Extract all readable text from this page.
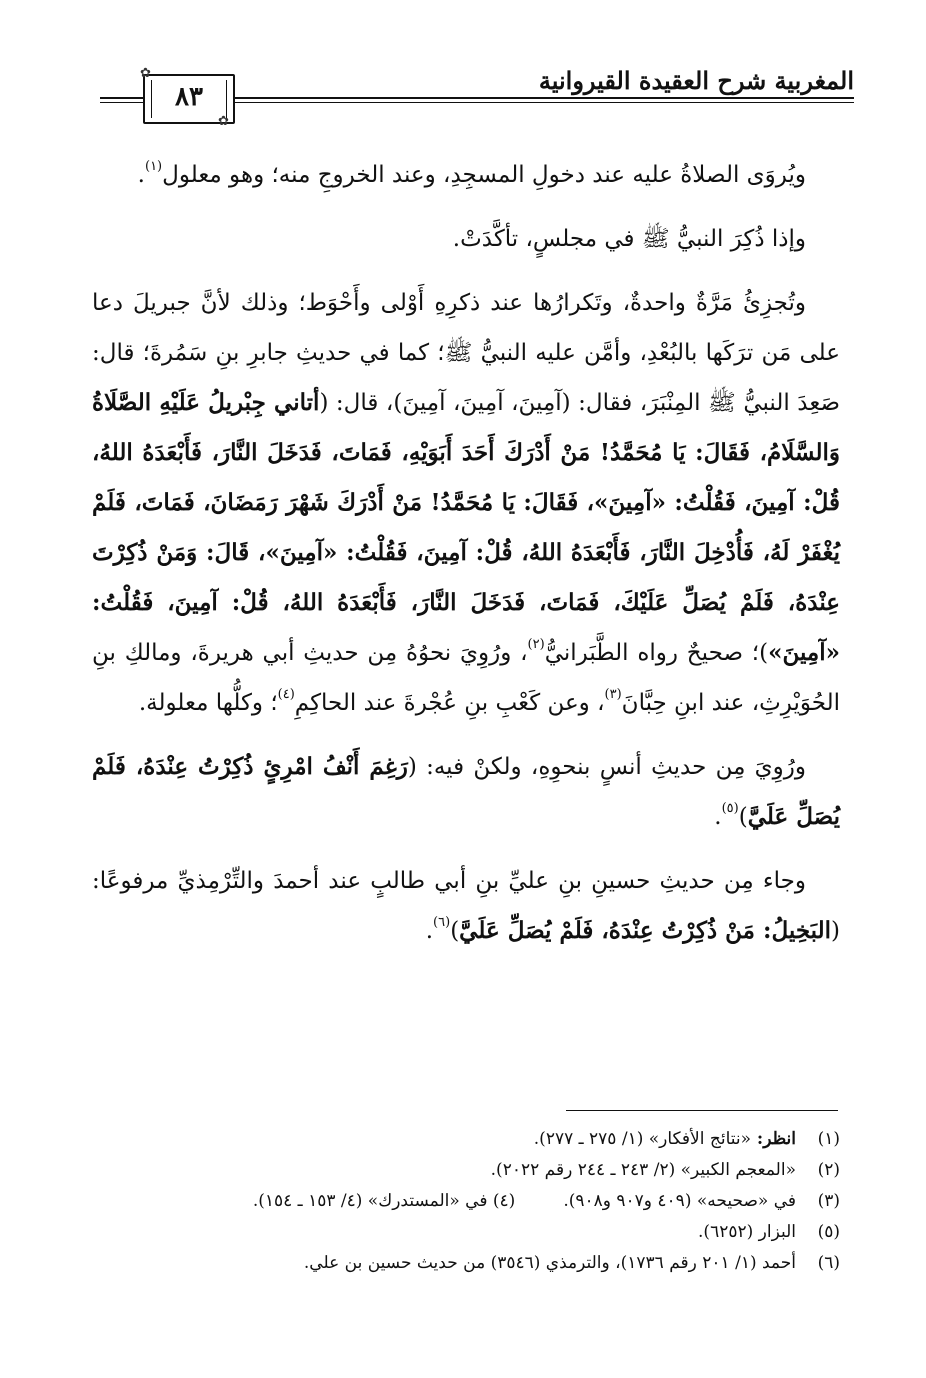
المغربية شرح العقيدة القيروانية
٨٣
✿
✿

ويُروَى الصلاةُ عليه عند دخولِ المسجِدِ، وعند الخروجِ منه؛ وهو معلول$^{(١)}$.

وإذا ذُكِرَ النبيُّ ﷺ في مجلسٍ، تأكَّدَتْ.

وتُجزِئُ مَرَّةٌ واحدةٌ، وتَكرارُها عند ذكرِهِ أَوْلى وأَحْوَط؛ وذلك لأنَّ جبريلَ دعا على مَن ترَكَها بالبُعْدِ، وأمَّن عليه النبيُّ ﷺ؛ كما في حديثِ جابرِ بنِ سَمُرةَ؛ قال: صَعِدَ النبيُّ ﷺ المِنْبَرَ، فقال: (آمِينَ، آمِينَ، آمِينَ)، قال: (أتاني جِبْريلُ عَلَيْهِ الصَّلَاةُ وَالسَّلَامُ، فَقَالَ: يَا مُحَمَّدُ! مَنْ أَدْرَكَ أَحَدَ أَبَوَيْهِ، فَمَاتَ، فَدَخَلَ النَّارَ، فَأَبْعَدَهُ اللهُ، قُلْ: آمِينَ، فَقُلْتُ: «آمِينَ»، فَقَالَ: يَا مُحَمَّدُ! مَنْ أَدْرَكَ شَهْرَ رَمَضَانَ، فَمَاتَ، فَلَمْ يُغْفَرْ لَهُ، فَأُدْخِلَ النَّارَ، فَأَبْعَدَهُ اللهُ، قُلْ: آمِينَ، فَقُلْتُ: «آمِينَ»، قَالَ: وَمَنْ ذُكِرْتَ عِنْدَهُ، فَلَمْ يُصَلِّ عَلَيْكَ، فَمَاتَ، فَدَخَلَ النَّارَ، فَأَبْعَدَهُ اللهُ، قُلْ: آمِينَ، فَقُلْتُ: «آمِينَ»)؛ صحيحٌ رواه الطَّبَرانيُّ$^{(٢)}$، ورُوِيَ نحوُهُ مِن حديثِ أبي هريرةَ، ومالكِ بنِ الحُوَيْرِثِ، عند ابنِ حِبَّانَ$^{(٣)}$، وعن كَعْبِ بنِ عُجْرةَ عند الحاكِمِ$^{(٤)}$؛ وكلُّها معلولة.

ورُوِيَ مِن حديثِ أنسٍ بنحوِهِ، ولكنْ فيه: (رَغِمَ أَنْفُ امْرِئٍ ذُكِرْتُ عِنْدَهُ، فَلَمْ يُصَلِّ عَلَيَّ)$^{(٥)}$.

وجاء مِن حديثِ حسينِ بنِ عليِّ بنِ أبي طالبٍ عند أحمدَ والتِّرْمِذيِّ مرفوعًا: (البَخِيلُ: مَنْ ذُكِرْتُ عِنْدَهُ، فَلَمْ يُصَلِّ عَلَيَّ)$^{(٦)}$.

(١)
انظر: «نتائج الأفكار» (١/ ٢٧٥ ـ ٢٧٧).
(٢)
«المعجم الكبير» (٢/ ٢٤٣ ـ ٢٤٤ رقم ٢٠٢٢).
(٣)
في «صحيحه» (٤٠٩ و٩٠٧ و٩٠٨).
(٤) في «المستدرك» (٤/ ١٥٣ ـ ١٥٤).
(٥)
البزار (٦٢٥٢).
(٦)
أحمد (١/ ٢٠١ رقم ١٧٣٦)، والترمذي (٣٥٤٦) من حديث حسين بن علي.
